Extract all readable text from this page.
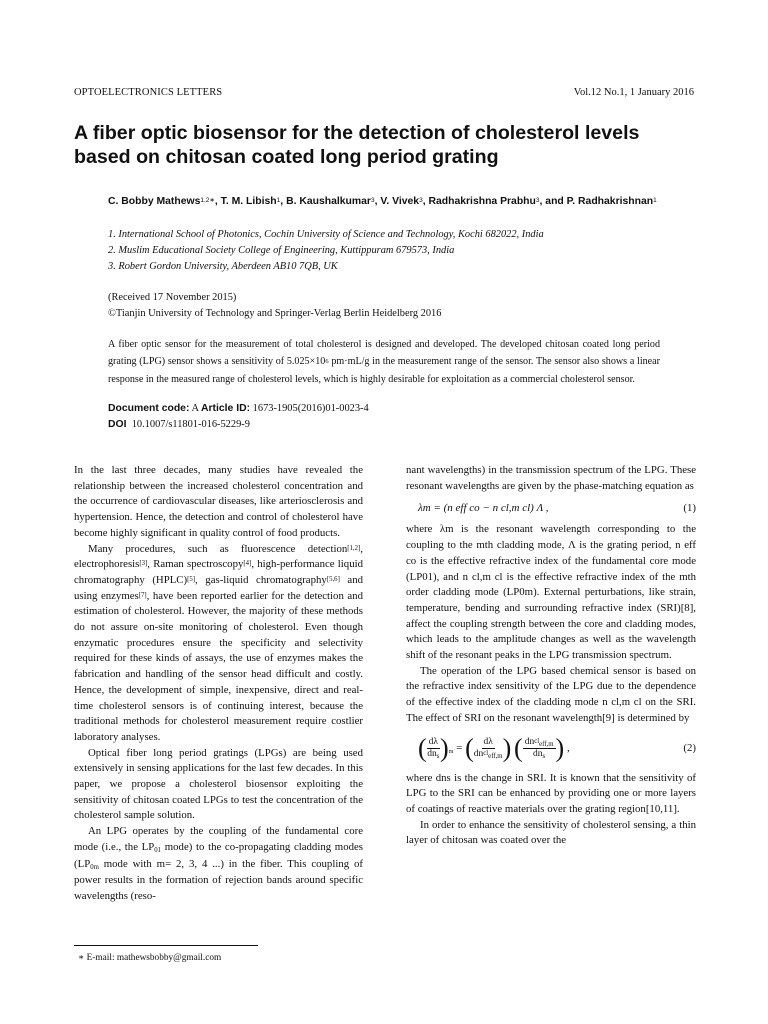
OPTOELECTRONICS LETTERS	Vol.12 No.1, 1 January 2016
A fiber optic biosensor for the detection of cholesterol levels based on chitosan coated long period grating
C. Bobby Mathews$^{1,2∗}$, T. M. Libish$^1$, B. Kaushalkumar$^3$, V. Vivek$^3$, Radhakrishna Prabhu$^3$, and P. Radhakrishnan$^1$
1. International School of Photonics, Cochin University of Science and Technology, Kochi 682022, India
2. Muslim Educational Society College of Engineering, Kuttippuram 679573, India
3. Robert Gordon University, Aberdeen AB10 7QB, UK
(Received 17 November 2015)
©Tianjin University of Technology and Springer-Verlag Berlin Heidelberg 2016
A fiber optic sensor for the measurement of total cholesterol is designed and developed. The developed chitosan coated long period grating (LPG) sensor shows a sensitivity of $5.025\times 10^6$ pm·mL/g in the measurement range of the sensor. The sensor also shows a linear response in the measured range of cholesterol levels, which is highly desirable for exploitation as a commercial cholesterol sensor.
Document code: A Article ID: 1673-1905(2016)01-0023-4
DOI 10.1007/s11801-016-5229-9

In the last three decades, many studies have revealed the relationship between the increased cholesterol concentration and the occurrence of cardiovascular diseases, like arteriosclerosis and hypertension. Hence, the detection and control of cholesterol have become highly significant in quality control of food products.

Many procedures, such as fluorescence detection[1,2], electrophoresis[3], Raman spectroscopy[4], high-performance liquid chromatography (HPLC)[5], gas-liquid chromatography[5,6] and using enzymes[7], have been reported earlier for the detection and estimation of cholesterol. However, the majority of these methods do not assure on-site monitoring of cholesterol. Even though enzymatic procedures ensure the specificity and selectivity required for these kinds of assays, the use of enzymes makes the fabrication and handling of the sensor head difficult and costly. Hence, the development of simple, inexpensive, direct and real-time cholesterol sensors is of continuing interest, because the traditional methods for cholesterol measurement require costlier laboratory analyses.

Optical fiber long period gratings (LPGs) are being used extensively in sensing applications for the last few decades. In this paper, we propose a cholesterol biosensor exploiting the sensitivity of chitosan coated LPGs to test the concentration of the cholesterol sample solution.

An LPG operates by the coupling of the fundamental core mode (i.e., the $LP_{01}$ mode) to the co-propagating cladding modes ($LP_{0m}$ mode with m= 2, 3, 4 ...) in the fiber. This coupling of power results in the formation of rejection bands around specific wavelengths (reso-

nant wavelengths) in the transmission spectrum of the LPG. These resonant wavelengths are given by the phase-matching equation as

λm = (n eff co − n cl,m cl) Λ ,	(1)

where λm is the resonant wavelength corresponding to the coupling to the mth cladding mode, Λ is the grating period, n eff co is the effective refractive index of the fundamental core mode (LP01), and n cl,m cl is the effective refractive index of the mth order cladding mode (LP0m). External perturbations, like strain, temperature, bending and surrounding refractive index (SRI)[8], affect the coupling strength between the core and cladding modes, which leads to the amplitude changes as well as the wavelength shift of the resonant peaks in the LPG transmission spectrum.

The operation of the LPG based chemical sensor is based on the refractive index sensitivity of the LPG due to the dependence of the effective index of the cladding mode n cl,m cl on the SRI. The effect of SRI on the resonant wavelength[9] is determined by

( $\frac{d\lambda}{dn_s} )_m$ = ( $\frac{d\lambda}{dn^{cl}_{eff,m}}$ ) ( $\frac{dn^{cl}_{eff,m}}{dn_s}$ ) ,	(2)

where dns is the change in SRI. It is known that the sensitivity of LPG to the SRI can be enhanced by providing one or more layers of coatings of reactive materials over the grating region[10,11].

In order to enhance the sensitivity of cholesterol sensing, a thin layer of chitosan was coated over the

∗ E-mail: mathewsbobby@gmail.com
